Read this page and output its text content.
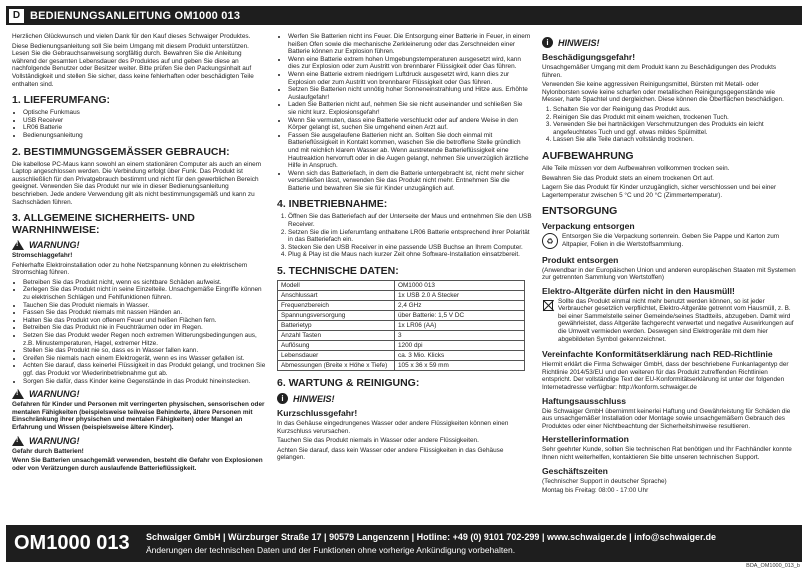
D BEDIENUNGSANLEITUNG OM1000 013

Herzlichen Glückwunsch und vielen Dank für den Kauf dieses Schwaiger Produktes.

Diese Bedienungsanleitung soll Sie beim Umgang mit diesem Produkt unterstützen. Lesen Sie die Gebrauchsanweisung sorgfältig durch. Bewahren Sie die Anleitung während der gesamten Lebensdauer des Produktes auf und geben Sie diese an nachfolgende Benutzer oder Besitzer weiter. Bitte prüfen Sie den Packungsinhalt auf Vollständigkeit und stellen Sie sicher, dass keine fehlerhaften oder beschädigten Teile enthalten sind.

1. LIEFERUMFANG:
• Optische Funkmaus
• USB Receiver
• LR06 Batterie
• Bedienungsanleitung
2. BESTIMMUNGSGEMÄSSER GEBRAUCH:

Die kabellose PC-Maus kann sowohl an einem stationären Computer als auch an einem Laptop angeschlossen werden. Die Verbindung erfolgt über Funk. Das Produkt ist ausschließlich für den Privatgebrauch bestimmt und nicht für den gewerblichen Bereich geeignet. Verwenden Sie das Produkt nur wie in dieser Bedienungsanleitung beschrieben. Jede andere Verwendung gilt als nicht bestimmungsgemäß und kann zu Sachschäden führen.

3. ALLGEMEINE SICHERHEITS- UND WARNHINWEISE:
!
WARNUNG!

Stromschlaggefahr!

Fehlerhafte Elektroinstallation oder zu hohe Netzspannung können zu elektrischem Stromschlag führen.

• Betreiben Sie das Produkt nicht, wenn es sichtbare Schäden aufweist.
• Zerlegen Sie das Produkt nicht in seine Einzelteile. Unsachgemäße Eingriffe können zu elektrischen Schlägen und Fehlfunktionen führen.
• Tauchen Sie das Produkt niemals in Wasser.
• Fassen Sie das Produkt niemals mit nassen Händen an.
• Halten Sie das Produkt von offenem Feuer und heißen Flächen fern.
• Betreiben Sie das Produkt nie in Feuchträumen oder im Regen.
• Setzen Sie das Produkt weder Regen noch extremen Witterungsbedingungen aus, z.B. Minustemperaturen, Hagel, extremer Hitze.
• Stellen Sie das Produkt nie so, dass es in Wasser fallen kann.
• Greifen Sie niemals nach einem Elektrogerät, wenn es ins Wasser gefallen ist.
• Achten Sie darauf, dass keinerlei Flüssigkeit in das Produkt gelangt, und trocknen Sie ggf. das Produkt vor Wiederinbetriebnahme gut ab.
• Sorgen Sie dafür, dass Kinder keine Gegenstände in das Produkt hineinstecken.
!
WARNUNG!

Gefahren für Kinder und Personen mit verringerten physischen, sensorischen oder mentalen Fähigkeiten (beispielsweise teilweise Behinderte, ältere Personen mit Einschränkung ihrer physischen und mentalen Fähigkeiten) oder Mangel an Erfahrung und Wissen (beispielsweise ältere Kinder).

!
WARNUNG!

Gefahr durch Batterien!

Wenn Sie Batterien unsachgemäß verwenden, besteht die Gefahr von Explosionen oder von Verätzungen durch auslaufende Batterieflüssigkeit.

• Werfen Sie Batterien nicht ins Feuer. Die Entsorgung einer Batterie in Feuer, in einem heißen Ofen sowie die mechanische Zerkleinerung oder das Zerschneiden einer Batterie können zur Explosion führen.
• Wenn eine Batterie extrem hohen Umgebungstemperaturen ausgesetzt wird, kann dies zur Explosion oder zum Austritt von brennbarer Flüssigkeit oder Gas führen.
• Wenn eine Batterie extrem niedrigem Luftdruck ausgesetzt wird, kann dies zur Explosion oder zum Austritt von brennbarer Flüssigkeit oder Gas führen.
• Setzen Sie Batterien nicht unnötig hoher Sonneneinstrahlung und Hitze aus. Erhöhte Auslaufgefahr!
• Laden Sie Batterien nicht auf, nehmen Sie sie nicht auseinander und schließen Sie sie nicht kurz. Explosionsgefahr!
• Wenn Sie vermuten, dass eine Batterie verschluckt oder auf andere Weise in den Körper gelangt ist, suchen Sie umgehend einen Arzt auf.
• Fassen Sie ausgelaufene Batterien nicht an. Sollten Sie doch einmal mit Batterieflüssigkeit in Kontakt kommen, waschen Sie die betroffene Stelle gründlich und mit reichlich klarem Wasser ab. Wenn austretende Batterieflüssigkeit eine Hautreaktion hervorruft oder in die Augen gelangt, nehmen Sie unverzüglich ärztliche Hilfe in Anspruch.
• Wenn sich das Batteriefach, in dem die Batterie untergebracht ist, nicht mehr sicher verschließen lässt, verwenden Sie das Produkt nicht mehr. Entnehmen Sie die Batterie und bewahren Sie sie für Kinder unzugänglich auf.
4. INBETRIEBNAHME:
1. Öffnen Sie das Batteriefach auf der Unterseite der Maus und entnehmen Sie den USB Receiver.
2. Setzen Sie die im Lieferumfang enthaltene LR06 Batterie entsprechend ihrer Polarität in das Batteriefach ein.
3. Stecken Sie den USB Receiver in eine passende USB Buchse an Ihrem Computer.
4. Plug & Play ist die Maus nach kurzer Zeit ohne Software-Installation einsatzbereit.
5. TECHNISCHE DATEN:
Modell	OM1000 013
Anschlussart	1x USB 2.0 A Stecker
Frequenzbereich	2,4 GHz
Spannungsversorgung	über Batterie: 1,5 V DC
Batterietyp	1x LR06 (AA)
Anzahl Tasten	3
Auflösung	1200 dpi
Lebensdauer	ca. 3 Mio. Klicks
Abmessungen (Breite x Höhe x Tiefe)	105 x 36 x 59 mm
6. WARTUNG & REINIGUNG:
i	HINWEIS!
Kurzschlussgefahr!

In das Gehäuse eingedrungenes Wasser oder andere Flüssigkeiten können einen Kurzschluss verursachen.

Tauchen Sie das Produkt niemals in Wasser oder andere Flüssigkeiten.

Achten Sie darauf, dass kein Wasser oder andere Flüssigkeiten in das Gehäuse gelangen.

i	HINWEIS!
Beschädigungsgefahr!

Unsachgemäßer Umgang mit dem Produkt kann zu Beschädigungen des Produkts führen.

Verwenden Sie keine aggressiven Reinigungsmittel, Bürsten mit Metall- oder Nylonborsten sowie keine scharfen oder metallischen Reinigungsgegenstände wie Messer, harte Spachtel und dergleichen. Diese können die Oberflächen beschädigen.

1. Schalten Sie vor der Reinigung das Produkt aus.
2. Reinigen Sie das Produkt mit einem weichen, trockenen Tuch.
3. Verwenden Sie bei hartnäckigen Verschmutzungen des Produkts ein leicht angefeuchtetes Tuch und ggf. etwas mildes Spülmittel.
4. Lassen Sie alle Teile danach vollständig trocknen.
AUFBEWAHRUNG

Alle Teile müssen vor dem Aufbewahren vollkommen trocken sein.

Bewahren Sie das Produkt stets an einem trockenen Ort auf.

Lagern Sie das Produkt für Kinder unzugänglich, sicher verschlossen und bei einer Lagertemperatur zwischen 5 °C und 20 °C (Zimmertemperatur).

ENTSORGUNG
Verpackung entsorgen
♻	Entsorgen Sie die Verpackung sortenrein. Geben Sie Pappe und Karton zum Altpapier, Folien in die Wertstoffsammlung.

Produkt entsorgen

(Anwendbar in der Europäischen Union und anderen europäischen Staaten mit Systemen zur getrennten Sammlung von Wertstoffen)

Elektro-Altgeräte dürfen nicht in den Hausmüll!

Sollte das Produkt einmal nicht mehr benutzt werden können, so ist jeder Verbraucher gesetzlich verpflichtet, Elektro-Altgeräte getrennt vom Hausmüll, z. B. bei einer Sammelstelle seiner Gemeinde/seines Stadtteils, abzugeben. Damit wird gewährleistet, dass Altgeräte fachgerecht verwertet und negative Auswirkungen auf die Umwelt vermieden werden. Deswegen sind Elektrogeräte mit dem hier abgebildeten Symbol gekennzeichnet.

Vereinfachte Konformitätserklärung nach RED-Richtlinie

Hiermit erklärt die Firma Schwaiger GmbH, dass der beschriebene Funkanlagentyp der Richtlinie 2014/53/EU und den weiteren für das Produkt zutreffenden Richtlinien entspricht. Der vollständige Text der EU-Konformitätserklärung ist unter der folgenden Internetadresse verfügbar: http://konform.schwaiger.de

Haftungsausschluss

Die Schwaiger GmbH übernimmt keinerlei Haftung und Gewährleistung für Schäden die aus unsachgemäßer Installation oder Montage sowie unsachgemäßem Gebrauch des Produktes oder einer Nichtbeachtung der Sicherheitshinweise resultieren.

Herstellerinformation

Sehr geehrter Kunde, sollten Sie technischen Rat benötigen und Ihr Fachhändler konnte Ihnen nicht weiterhelfen, kontaktieren Sie bitte unseren technischen Support.

Geschäftszeiten

(Technischer Support in deutscher Sprache)

Montag bis Freitag: 08:00 - 17:00 Uhr

OM1000 013	Schwaiger GmbH | Würzburger Straße 17 | 90579 Langenzenn | Hotline: +49 (0) 9101 702-299 | www.schwaiger.de | info@schwaiger.de
Änderungen der technischen Daten und der Funktionen ohne vorherige Ankündigung vorbehalten.
BDA_OM1000_013_b
